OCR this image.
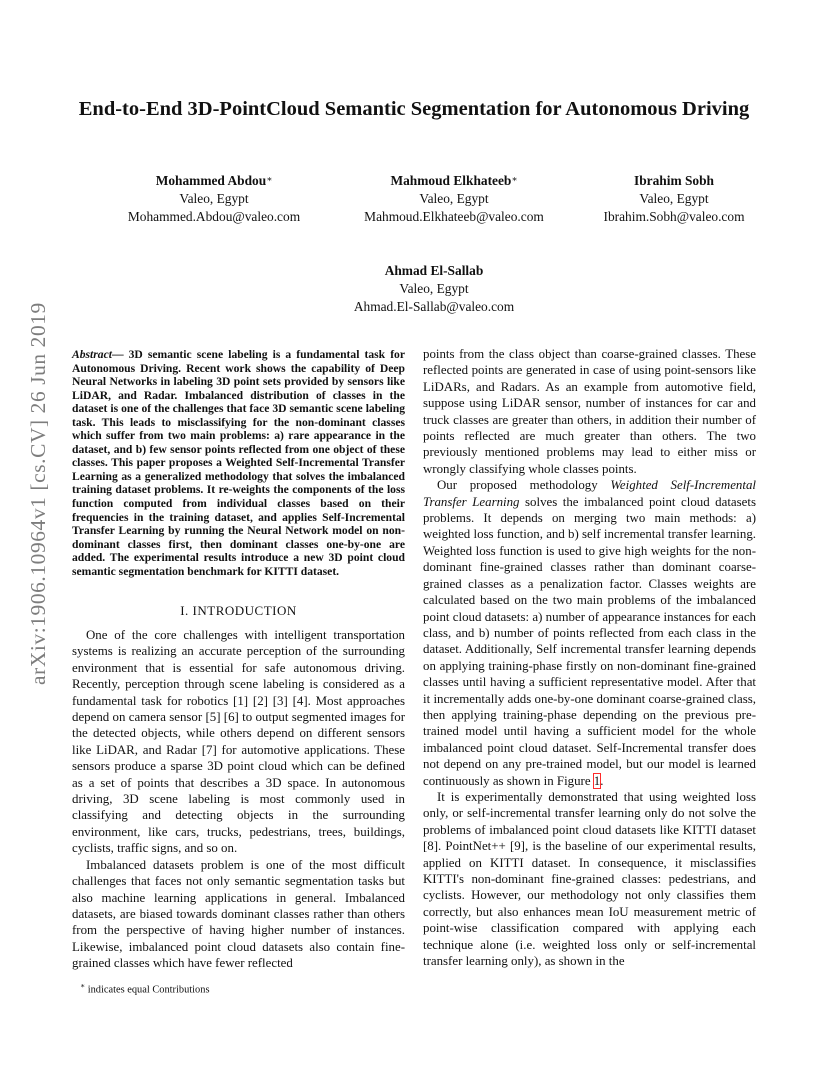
End-to-End 3D-PointCloud Semantic Segmentation for Autonomous Driving
Mohammed Abdou∗
Valeo, Egypt
Mohammed.Abdou@valeo.com
Mahmoud Elkhateeb∗
Valeo, Egypt
Mahmoud.Elkhateeb@valeo.com
Ibrahim Sobh
Valeo, Egypt
Ibrahim.Sobh@valeo.com
Ahmad El-Sallab
Valeo, Egypt
Ahmad.El-Sallab@valeo.com
arXiv:1906.10964v1 [cs.CV] 26 Jun 2019 Abstract— 3D semantic scene labeling is a fundamental task for Autonomous Driving. Recent work shows the capability of Deep Neural Networks in labeling 3D point sets provided by sensors like LiDAR, and Radar. Imbalanced distribution of classes in the dataset is one of the challenges that face 3D semantic scene labeling task. This leads to misclassifying for the non-dominant classes which suffer from two main problems: a) rare appearance in the dataset, and b) few sensor points reflected from one object of these classes. This paper proposes a Weighted Self-Incremental Transfer Learning as a generalized methodology that solves the imbalanced training dataset problems. It re-weights the components of the loss function computed from individual classes based on their frequencies in the training dataset, and applies Self-Incremental Transfer Learning by running the Neural Network model on non-dominant classes first, then dominant classes one-by-one are added. The experimental results introduce a new 3D point cloud semantic segmentation benchmark for KITTI dataset.

I. INTRODUCTION

One of the core challenges with intelligent transportation systems is realizing an accurate perception of the surrounding environment that is essential for safe autonomous driving. Recently, perception through scene labeling is considered as a fundamental task for robotics [1] [2] [3] [4]. Most approaches depend on camera sensor [5] [6] to output segmented images for the detected objects, while others depend on different sensors like LiDAR, and Radar [7] for automotive applications. These sensors produce a sparse 3D point cloud which can be defined as a set of points that describes a 3D space. In autonomous driving, 3D scene labeling is most commonly used in classifying and detecting objects in the surrounding environment, like cars, trucks, pedestrians, trees, buildings, cyclists, traffic signs, and so on.

Imbalanced datasets problem is one of the most difficult challenges that faces not only semantic segmentation tasks but also machine learning applications in general. Imbalanced datasets, are biased towards dominant classes rather than others from the perspective of having higher number of instances. Likewise, imbalanced point cloud datasets also contain fine-grained classes which have fewer reflected

∗ indicates equal Contributions

points from the class object than coarse-grained classes. These reflected points are generated in case of using point-sensors like LiDARs, and Radars. As an example from automotive field, suppose using LiDAR sensor, number of instances for car and truck classes are greater than others, in addition their number of points reflected are much greater than others. The two previously mentioned problems may lead to either miss or wrongly classifying whole classes points.

Our proposed methodology Weighted Self-Incremental Transfer Learning solves the imbalanced point cloud datasets problems. It depends on merging two main methods: a) weighted loss function, and b) self incremental transfer learning. Weighted loss function is used to give high weights for the non-dominant fine-grained classes rather than dominant coarse-grained classes as a penalization factor. Classes weights are calculated based on the two main problems of the imbalanced point cloud datasets: a) number of appearance instances for each class, and b) number of points reflected from each class in the dataset. Additionally, Self incremental transfer learning depends on applying training-phase firstly on non-dominant fine-grained classes until having a sufficient representative model. After that it incrementally adds one-by-one dominant coarse-grained class, then applying training-phase depending on the previous pre-trained model until having a sufficient model for the whole imbalanced point cloud dataset. Self-Incremental transfer does not depend on any pre-trained model, but our model is learned continuously as shown in Figure 1.

It is experimentally demonstrated that using weighted loss only, or self-incremental transfer learning only do not solve the problems of imbalanced point cloud datasets like KITTI dataset [8]. PointNet++ [9], is the baseline of our experimental results, applied on KITTI dataset. In consequence, it misclassifies KITTI's non-dominant fine-grained classes: pedestrians, and cyclists. However, our methodology not only classifies them correctly, but also enhances mean IoU measurement metric of point-wise classification compared with applying each technique alone (i.e. weighted loss only or self-incremental transfer learning only), as shown in the
